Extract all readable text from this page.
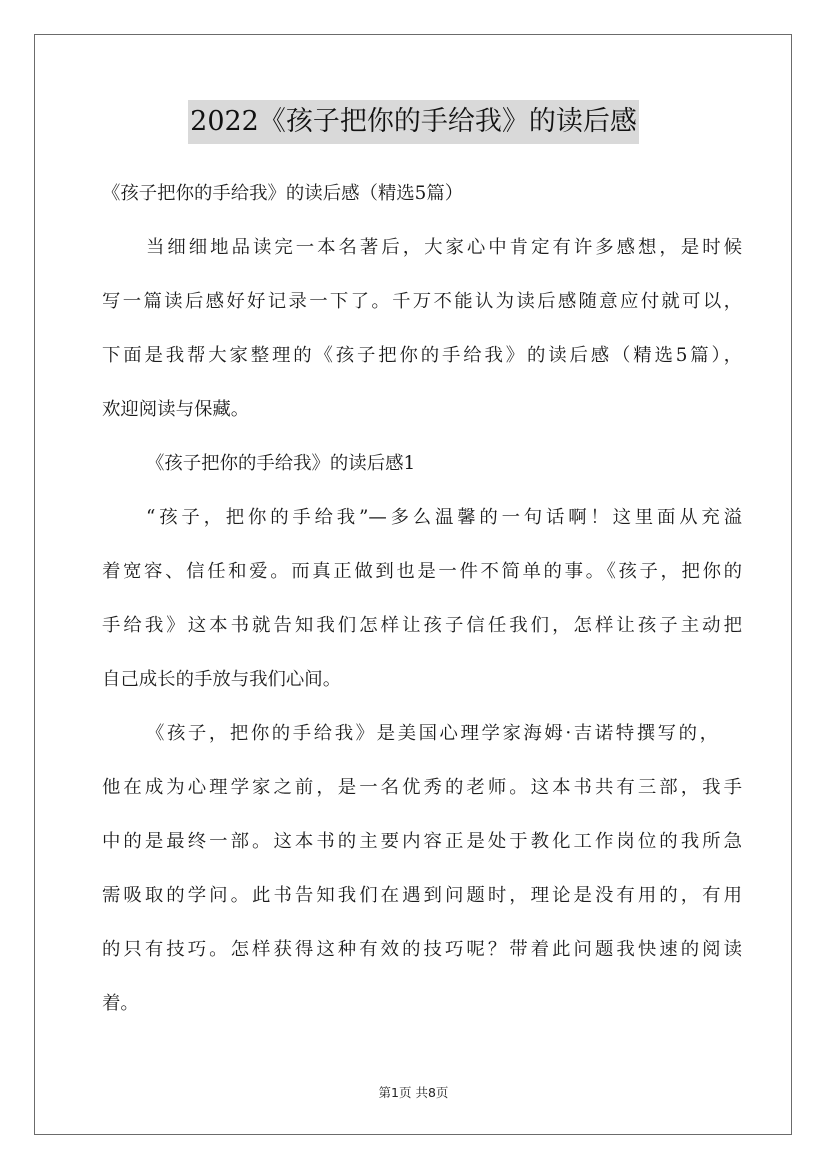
2022《孩子把你的手给我》的读后感
《孩子把你的手给我》的读后感（精选5篇）
当细细地品读完一本名著后，大家心中肯定有许多感想，是时候
写一篇读后感好好记录一下了。千万不能认为读后感随意应付就可以，
下面是我帮大家整理的《孩子把你的手给我》的读后感（精选5篇），
欢迎阅读与保藏。
《孩子把你的手给我》的读后感1
“孩子，把你的手给我”—多么温馨的一句话啊！这里面从充溢
着宽容、信任和爱。而真正做到也是一件不简单的事。《孩子，把你的
手给我》这本书就告知我们怎样让孩子信任我们，怎样让孩子主动把
自己成长的手放与我们心间。
《孩子，把你的手给我》是美国心理学家海姆·吉诺特撰写的，
他在成为心理学家之前，是一名优秀的老师。这本书共有三部，我手
中的是最终一部。这本书的主要内容正是处于教化工作岗位的我所急
需吸取的学问。此书告知我们在遇到问题时，理论是没有用的，有用
的只有技巧。怎样获得这种有效的技巧呢？带着此问题我快速的阅读
着。
第1页 共8页
